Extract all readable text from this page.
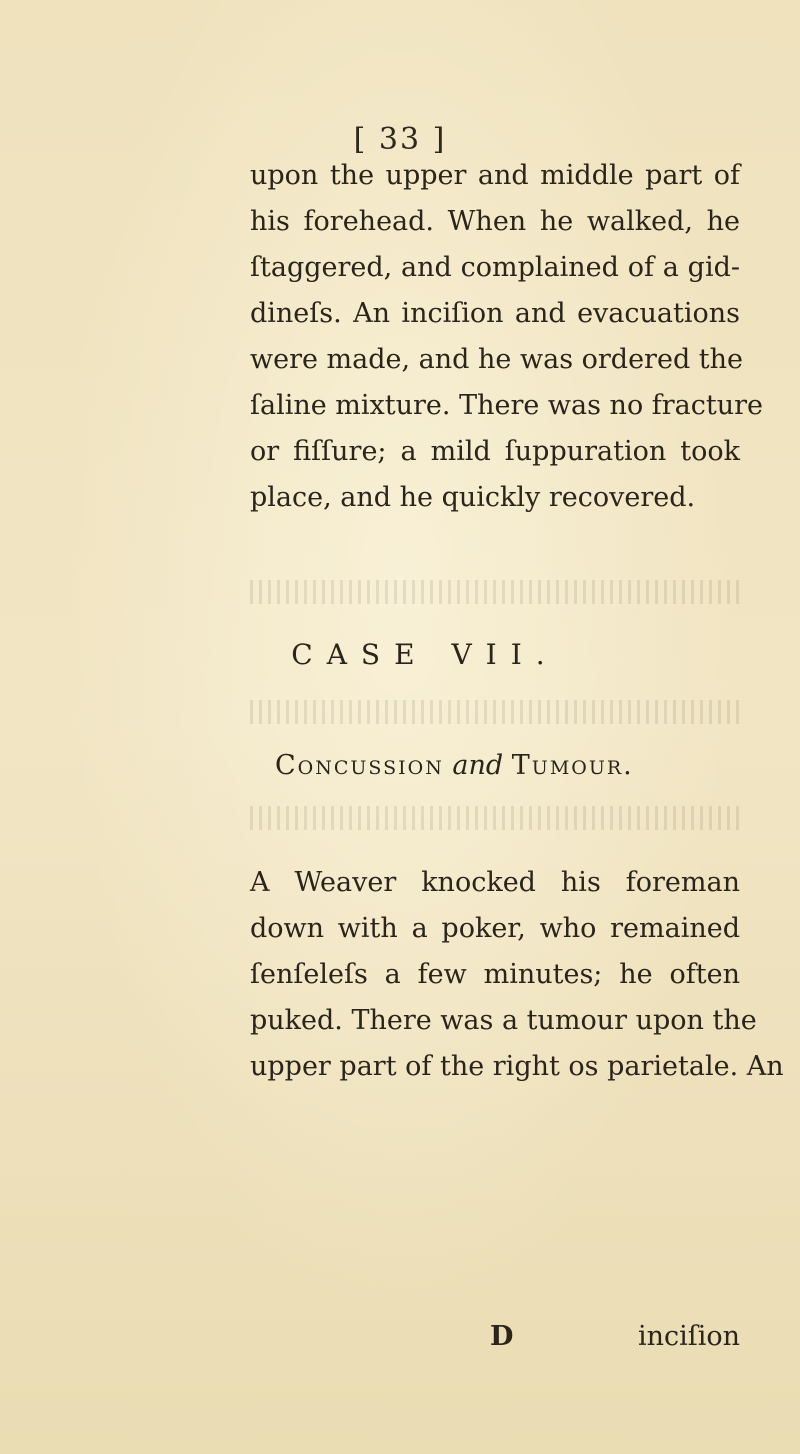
[ 33 ]
upon the upper and middle part of
his forehead. When he walked, he
ſtaggered, and complained of a gid-
dineſs. An inciſion and evacuations
were made, and he was ordered the
ſaline mixture. There was no fracture
or fiſſure; a mild ſuppuration took
place, and he quickly recovered.
CASE VII.
Concussion and Tumour.
A Weaver knocked his foreman
down with a poker, who remained
ſenſeleſs a few minutes; he often
puked. There was a tumour upon the
upper part of the right os parietale. An
D	inciſion
